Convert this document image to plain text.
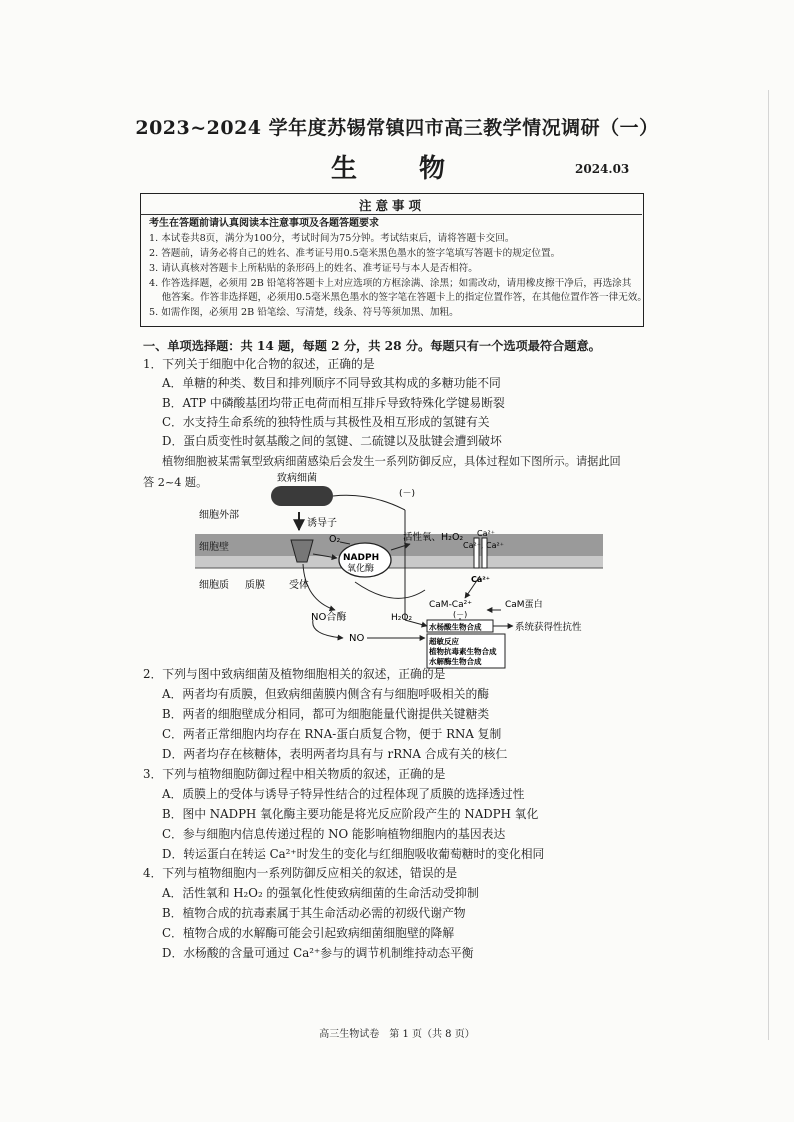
2023~2024 学年度苏锡常镇四市高三教学情况调研（一）
生　物	2024.03
注意事项
考生在答题前请认真阅读本注意事项及各题答题要求
1. 本试卷共8页，满分为100分，考试时间为75分钟。考试结束后，请将答题卡交回。
2. 答题前，请务必将自己的姓名、准考证号用0.5毫米黑色墨水的签字笔填写答题卡的规定位置。
3. 请认真核对答题卡上所粘贴的条形码上的姓名、准考证号与本人是否相符。
4. 作答选择题，必须用 2B 铅笔将答题卡上对应选项的方框涂满、涂黑；如需改动，请用橡皮擦干净后，再选涂其
　 他答案。作答非选择题，必须用0.5毫米黑色墨水的签字笔在答题卡上的指定位置作答，在其他位置作答一律无效。
5. 如需作图，必须用 2B 铅笔绘、写清楚，线条、符号等须加黑、加粗。
一、单项选择题：共 14 题，每题 2 分，共 28 分。每题只有一个选项最符合题意。
1．下列关于细胞中化合物的叙述，正确的是
A．单糖的种类、数目和排列顺序不同导致其构成的多糖功能不同
B．ATP 中磷酸基团均带正电荷而相互排斥导致特殊化学键易断裂
C．水支持生命系统的独特性质与其极性及相互形成的氢键有关
D．蛋白质变性时氨基酸之间的氢键、二硫键以及肽键会遭到破坏
植物细胞被某需氧型致病细菌感染后会发生一系列防御反应，具体过程如下图所示。请据此回
答 2~4 题。	致病细菌
(－)
细胞外部
诱导子
O₂	活性氧、H₂O₂ Ca²⁺
Ca²⁺, Ca²⁺
细胞壁
NADPH
氧化酶
细胞质 质膜 受体
Ca²⁺
NO合酶	H₂O₂
CaM-Ca²⁺	CaM蛋白
(－)
水杨酸生物合成
NO	超敏反应
植物抗毒素生物合成
水解酶生物合成
系统获得性抗性
2．下列与图中致病细菌及植物细胞相关的叙述，正确的是
A．两者均有质膜，但致病细菌膜内侧含有与细胞呼吸相关的酶
B．两者的细胞壁成分相同，都可为细胞能量代谢提供关键糖类
C．两者正常细胞内均存在 RNA-蛋白质复合物，便于 RNA 复制
D．两者均存在核糖体，表明两者均具有与 rRNA 合成有关的核仁
3．下列与植物细胞防御过程中相关物质的叙述，正确的是
A．质膜上的受体与诱导子特异性结合的过程体现了质膜的选择透过性
B．图中 NADPH 氧化酶主要功能是将光反应阶段产生的 NADPH 氧化
C．参与细胞内信息传递过程的 NO 能影响植物细胞内的基因表达
D．转运蛋白在转运 Ca²⁺时发生的变化与红细胞吸收葡萄糖时的变化相同
4．下列与植物细胞内一系列防御反应相关的叙述，错误的是
A．活性氧和 H₂O₂ 的强氧化性使致病细菌的生命活动受抑制
B．植物合成的抗毒素属于其生命活动必需的初级代谢产物
C．植物合成的水解酶可能会引起致病细菌细胞壁的降解
D．水杨酸的含量可通过 Ca²⁺参与的调节机制维持动态平衡
高三生物试卷　第 1 页（共 8 页）
